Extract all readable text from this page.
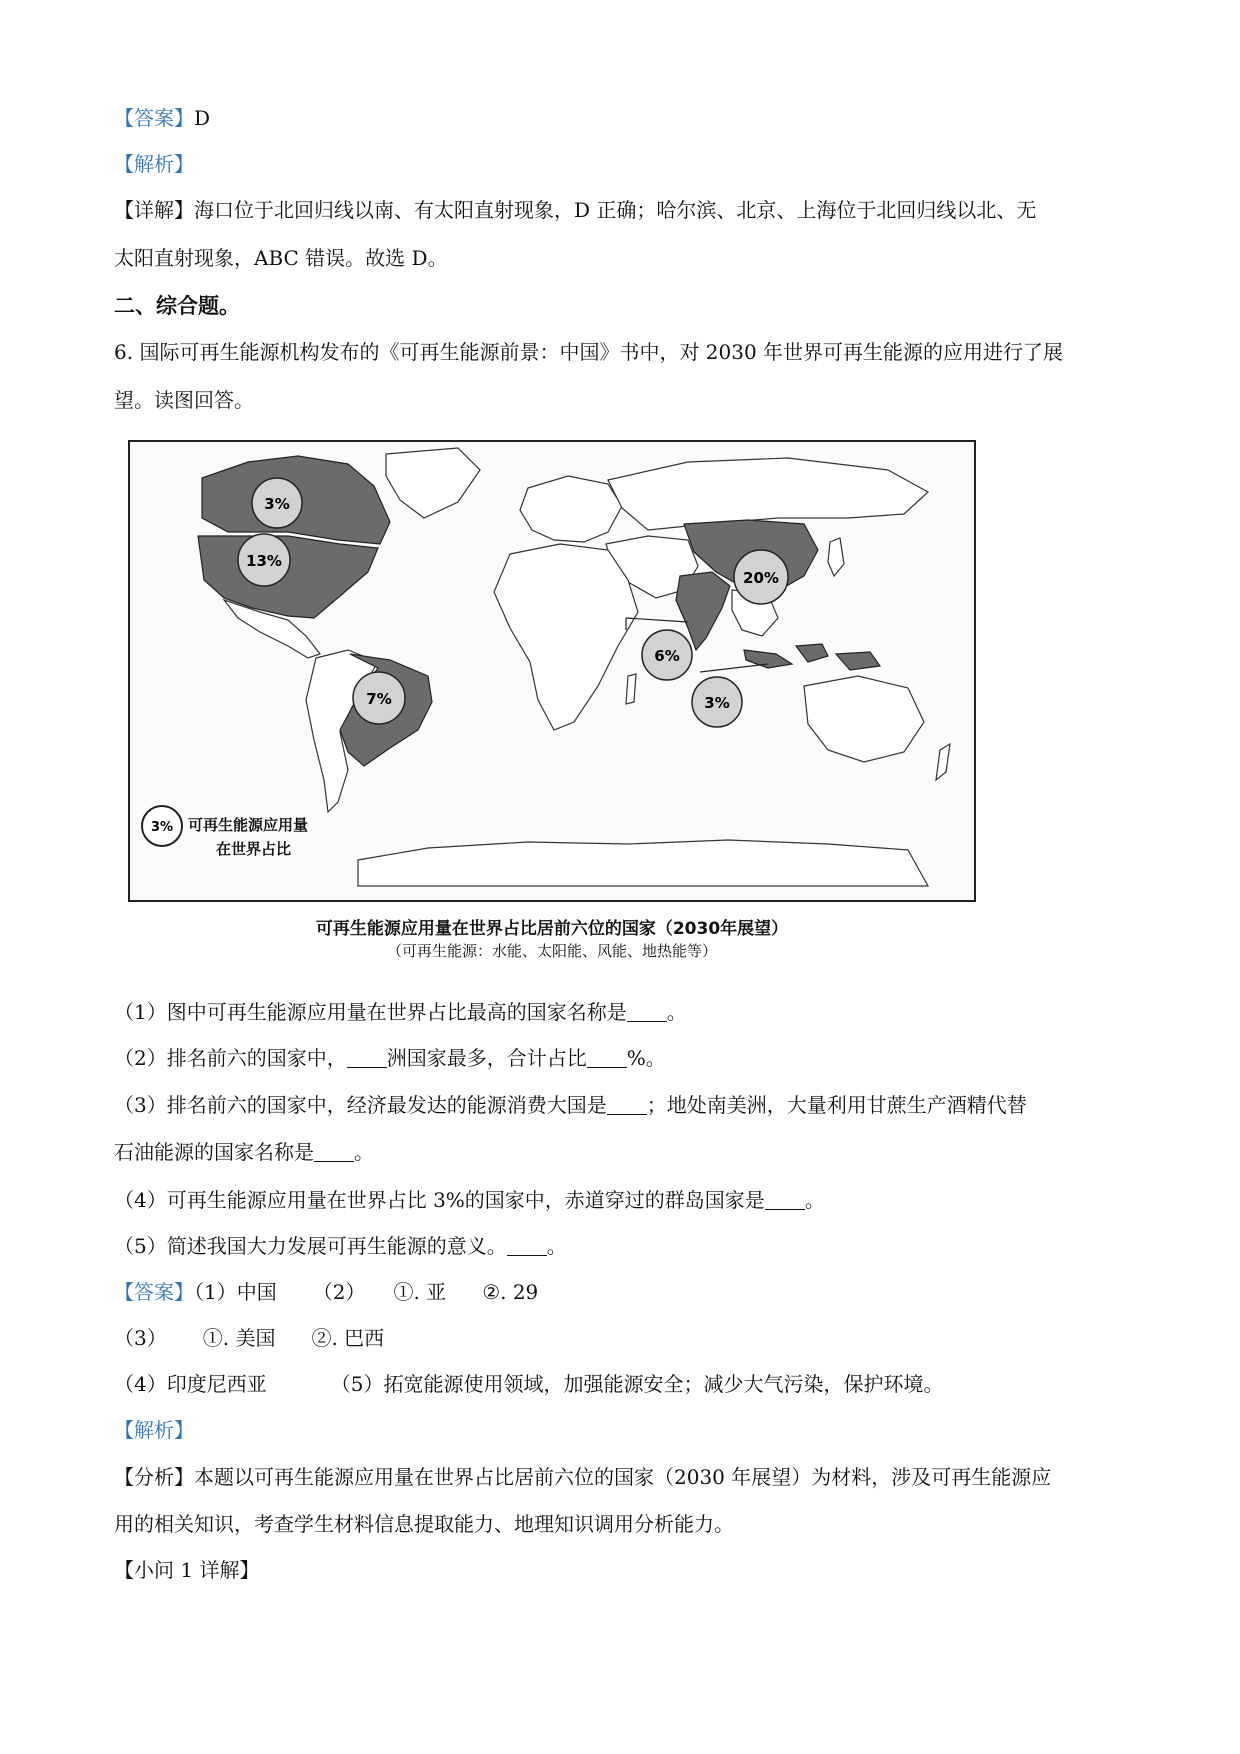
【答案】D
【解析】
【详解】海口位于北回归线以南、有太阳直射现象，D 正确；哈尔滨、北京、上海位于北回归线以北、无
太阳直射现象，ABC 错误。故选 D。
二、综合题。
6. 国际可再生能源机构发布的《可再生能源前景：中国》书中，对 2030 年世界可再生能源的应用进行了展
望。读图回答。
3%
13%
7%
20%
6%
3%
3% 可再生能源应用量
在世界占比
可再生能源应用量在世界占比居前六位的国家（2030年展望）
（可再生能源：水能、太阳能、风能、地热能等）
（1）图中可再生能源应用量在世界占比最高的国家名称是 。
（2）排名前六的国家中， 洲国家最多，合计占比 %。
（3）排名前六的国家中，经济最发达的能源消费大国是 ；地处南美洲，大量利用甘蔗生产酒精代替
石油能源的国家名称是 。
（4）可再生能源应用量在世界占比 3%的国家中，赤道穿过的群岛国家是 。
（5）简述我国大力发展可再生能源的意义。 。
【答案】（1）中国 （2） ①. 亚 ②. 29
（3） ①. 美国 ②. 巴西
（4）印度尼西亚	（5）拓宽能源使用领域，加强能源安全；减少大气污染，保护环境。
【解析】
【分析】本题以可再生能源应用量在世界占比居前六位的国家（2030 年展望）为材料，涉及可再生能源应
用的相关知识，考查学生材料信息提取能力、地理知识调用分析能力。
【小问 1 详解】
